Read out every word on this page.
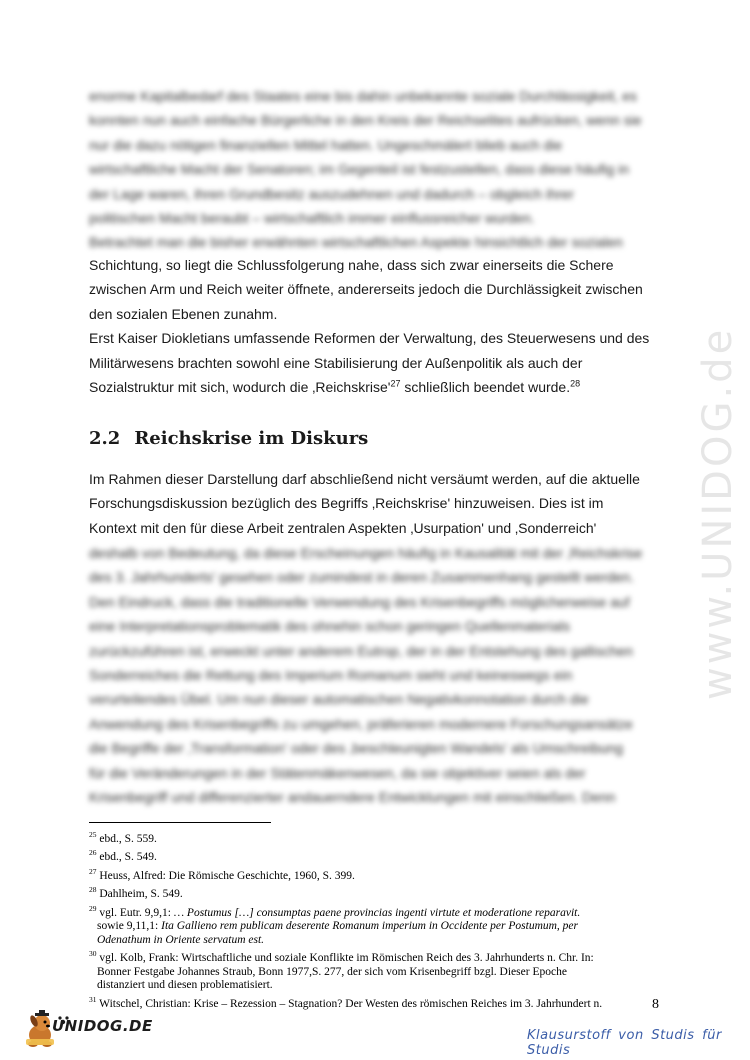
enorme Kapitalbedarf des Staates eine bis dahin unbekannte soziale Durchlässigkeit, es

konnten nun auch einfache Bürgerliche in den Kreis der Reichselites aufrücken, wenn sie

nur die dazu nötigen finanziellen Mittel hatten. Ungeschmälert blieb auch die

wirtschaftliche Macht der Senatoren; im Gegenteil ist festzustellen, dass diese häufig in

der Lage waren, ihren Grundbesitz auszudehnen und dadurch – obgleich ihrer

politischen Macht beraubt – wirtschaftlich immer einflussreicher wurden.

Betrachtet man die bisher erwähnten wirtschaftlichen Aspekte hinsichtlich der sozialen

Schichtung, so liegt die Schlussfolgerung nahe, dass sich zwar einerseits die Schere

zwischen Arm und Reich weiter öffnete, andererseits jedoch die Durchlässigkeit zwischen

den sozialen Ebenen zunahm.

Erst Kaiser Diokletians umfassende Reformen der Verwaltung, des Steuerwesens und des

Militärwesens brachten sowohl eine Stabilisierung der Außenpolitik als auch der

Sozialstruktur mit sich, wodurch die $‚Reichskrise'^{27}$ schließlich beendet wurde.$^{28}$

2.2 Reichskrise im Diskurs

Im Rahmen dieser Darstellung darf abschließend nicht versäumt werden, auf die aktuelle

Forschungsdiskussion bezüglich des Begriffs ‚Reichskrise' hinzuweisen. Dies ist im

Kontext mit den für diese Arbeit zentralen Aspekten ‚Usurpation' und ‚Sonderreich'

deshalb von Bedeutung, da diese Erscheinungen häufig in Kausalität mit der ‚Reichskrise

des 3. Jahrhunderts' gesehen oder zumindest in deren Zusammenhang gestellt werden.

Den Eindruck, dass die traditionelle Verwendung des Krisenbegriffs möglicherweise auf

eine Interpretationsproblematik des ohnehin schon geringen Quellenmaterials

zurückzuführen ist, erweckt unter anderem Eutrop, der in der Entstehung des gallischen

Sonderreiches die Rettung des Imperium Romanum sieht und keineswegs ein

verurteilendes Übel. Um nun dieser automatischen Negativkonnotation durch die

Anwendung des Krisenbegriffs zu umgehen, präferieren modernere Forschungsansätze

die Begriffe der ‚Transformation' oder des ‚beschleunigten Wandels' als Umschreibung

für die Veränderungen in der Stätenmäkenwesen, da sie objektiver seien als der

Krisenbegriff und differenzierter andauerndere Entwicklungen mit einschließen. Denn

$^{25}$ ebd., S. 559.

$^{26}$ ebd., S. 549.

$^{27}$ Heuss, Alfred: Die Römische Geschichte, 1960, S. 399.

$^{28}$ Dahlheim, S. 549.

$^{29}$ vgl. Eutr. 9,9,1: … Postumus […] consumptas paene provincias ingenti virtute et moderatione reparavit.
sowie 9,11,1: Ita Gallieno rem publicam deserente Romanum imperium in Occidente per Postumum, per
Odenathum in Oriente servatum est.

$^{30}$ vgl. Kolb, Frank: Wirtschaftliche und soziale Konflikte im Römischen Reich des 3. Jahrhunderts n. Chr. In:
Bonner Festgabe Johannes Straub, Bonn 1977,S. 277, der sich vom Krisenbegriff bzgl. Dieser Epoche
distanziert und diesen problematisiert.

$^{31}$ Witschel, Christian: Krise – Rezession – Stagnation? Der Westen des römischen Reiches im 3. Jahrhundert n.	8
www.UNIDOG.de
UNIDOG.DE
Klausurstoff von Studis für Studis
